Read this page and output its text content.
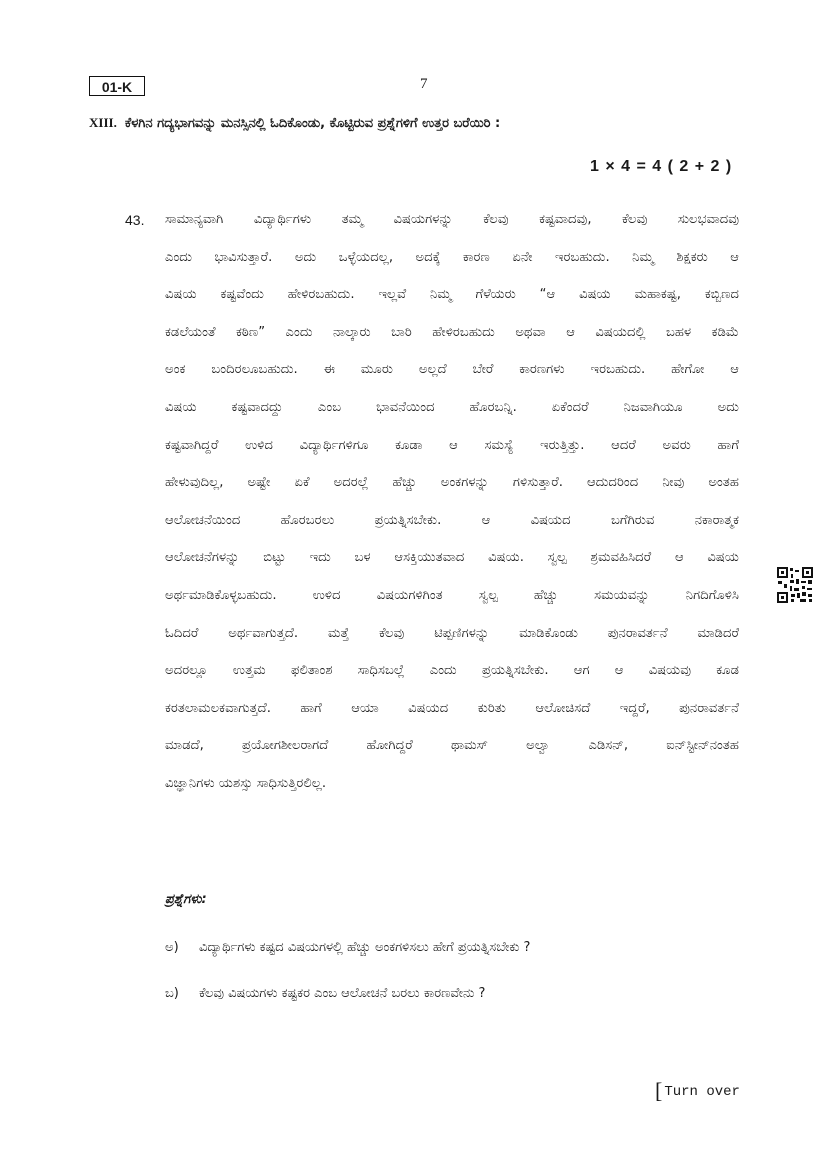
01-K	7
XIII. ಕೆಳಗಿನ ಗದ್ಯಭಾಗವನ್ನು ಮನಸ್ಸಿನಲ್ಲಿ ಓದಿಕೊಂಡು, ಕೊಟ್ಟಿರುವ ಪ್ರಶ್ನೆಗಳಿಗೆ ಉತ್ತರ ಬರೆಯಿರಿ :
1 × 4 = 4 ( 2 + 2 )
43. ಸಾಮಾನ್ಯವಾಗಿ ವಿದ್ಯಾರ್ಥಿಗಳು ತಮ್ಮ ವಿಷಯಗಳನ್ನು ಕೆಲವು ಕಷ್ಟವಾದವು, ಕೆಲವು ಸುಲಭವಾದವು
ಎಂದು ಭಾವಿಸುತ್ತಾರೆ. ಅದು ಒಳ್ಳೆಯದಲ್ಲ, ಅದಕ್ಕೆ ಕಾರಣ ಏನೇ ಇರಬಹುದು. ನಿಮ್ಮ ಶಿಕ್ಷಕರು ಆ
ವಿಷಯ ಕಷ್ಟವೆಂದು ಹೇಳಿರಬಹುದು. ಇಲ್ಲವೆ ನಿಮ್ಮ ಗೆಳೆಯರು “ಆ ವಿಷಯ ಮಹಾಕಷ್ಟ, ಕಬ್ಬಿಣದ
ಕಡಲೆಯಂತೆ ಕಠಿಣ” ಎಂದು ನಾಲ್ಕಾರು ಬಾರಿ ಹೇಳಿರಬಹುದು ಅಥವಾ ಆ ವಿಷಯದಲ್ಲಿ ಬಹಳ ಕಡಿಮೆ
ಅಂಕ ಬಂದಿರಲೂಬಹುದು. ಈ ಮೂರು ಅಲ್ಲದೆ ಬೇರೆ ಕಾರಣಗಳು ಇರಬಹುದು. ಹೇಗೋ ಆ
ವಿಷಯ ಕಷ್ಟವಾದದ್ದು ಎಂಬ ಭಾವನೆಯಿಂದ ಹೊರಬನ್ನಿ. ಏಕೆಂದರೆ ನಿಜವಾಗಿಯೂ ಅದು
ಕಷ್ಟವಾಗಿದ್ದರೆ ಉಳಿದ ವಿದ್ಯಾರ್ಥಿಗಳಿಗೂ ಕೂಡಾ ಆ ಸಮಸ್ಯೆ ಇರುತ್ತಿತ್ತು. ಆದರೆ ಅವರು ಹಾಗೆ
ಹೇಳುವುದಿಲ್ಲ, ಅಷ್ಟೇ ಏಕೆ ಅದರಲ್ಲೆ ಹೆಚ್ಚು ಅಂಕಗಳನ್ನು ಗಳಿಸುತ್ತಾರೆ. ಆದುದರಿಂದ ನೀವು ಅಂತಹ
ಆಲೋಚನೆಯಿಂದ ಹೊರಬರಲು ಪ್ರಯತ್ನಿಸಬೇಕು. ಆ ವಿಷಯದ ಬಗೆಗಿರುವ ನಕಾರಾತ್ಮಕ
ಆಲೋಚನೆಗಳನ್ನು ಬಿಟ್ಟು ಇದು ಬಳ ಆಸಕ್ತಿಯುತವಾದ ವಿಷಯ. ಸ್ವಲ್ಪ ಶ್ರಮವಹಿಸಿದರೆ ಆ ವಿಷಯ
ಅರ್ಥಮಾಡಿಕೊಳ್ಳಬಹುದು. ಉಳಿದ ವಿಷಯಗಳಿಗಿಂತ ಸ್ವಲ್ಪ ಹೆಚ್ಚು ಸಮಯವನ್ನು ನಿಗದಿಗೊಳಿಸಿ
ಓದಿದರೆ ಅರ್ಥವಾಗುತ್ತದೆ. ಮತ್ತೆ ಕೆಲವು ಟಿಪ್ಪಣಿಗಳನ್ನು ಮಾಡಿಕೊಂಡು ಪುನರಾವರ್ತನೆ ಮಾಡಿದರೆ
ಅದರಲ್ಲೂ ಉತ್ತಮ ಫಲಿತಾಂಶ ಸಾಧಿಸಬಲ್ಲೆ ಎಂದು ಪ್ರಯತ್ನಿಸಬೇಕು. ಆಗ ಆ ವಿಷಯವು ಕೂಡ
ಕರತಲಾಮಲಕವಾಗುತ್ತದೆ. ಹಾಗೆ ಆಯಾ ವಿಷಯದ ಕುರಿತು ಆಲೋಚಿಸದೆ ಇದ್ದರೆ, ಪುನರಾವರ್ತನೆ
ಮಾಡದೆ, ಪ್ರಯೋಗಶೀಲರಾಗದೆ ಹೋಗಿದ್ದರೆ ಥಾಮಸ್ ಅಲ್ವಾ ಎಡಿಸನ್, ಐನ್‌ಸ್ಟೀನ್‌ನಂತಹ
ವಿಜ್ಞಾನಿಗಳು ಯಶಸ್ಸು ಸಾಧಿಸುತ್ತಿರಲಿಲ್ಲ.
ಪ್ರಶ್ನೆಗಳು:
ಅ) ವಿದ್ಯಾರ್ಥಿಗಳು ಕಷ್ಟದ ವಿಷಯಗಳಲ್ಲಿ ಹೆಚ್ಚು ಅಂಕಗಳಿಸಲು ಹೇಗೆ ಪ್ರಯತ್ನಿಸಬೇಕು ?
ಬ) ಕೆಲವು ವಿಷಯಗಳು ಕಷ್ಟಕರ ಎಂಬ ಆಲೋಚನೆ ಬರಲು ಕಾರಣವೇನು ?
[ Turn over
